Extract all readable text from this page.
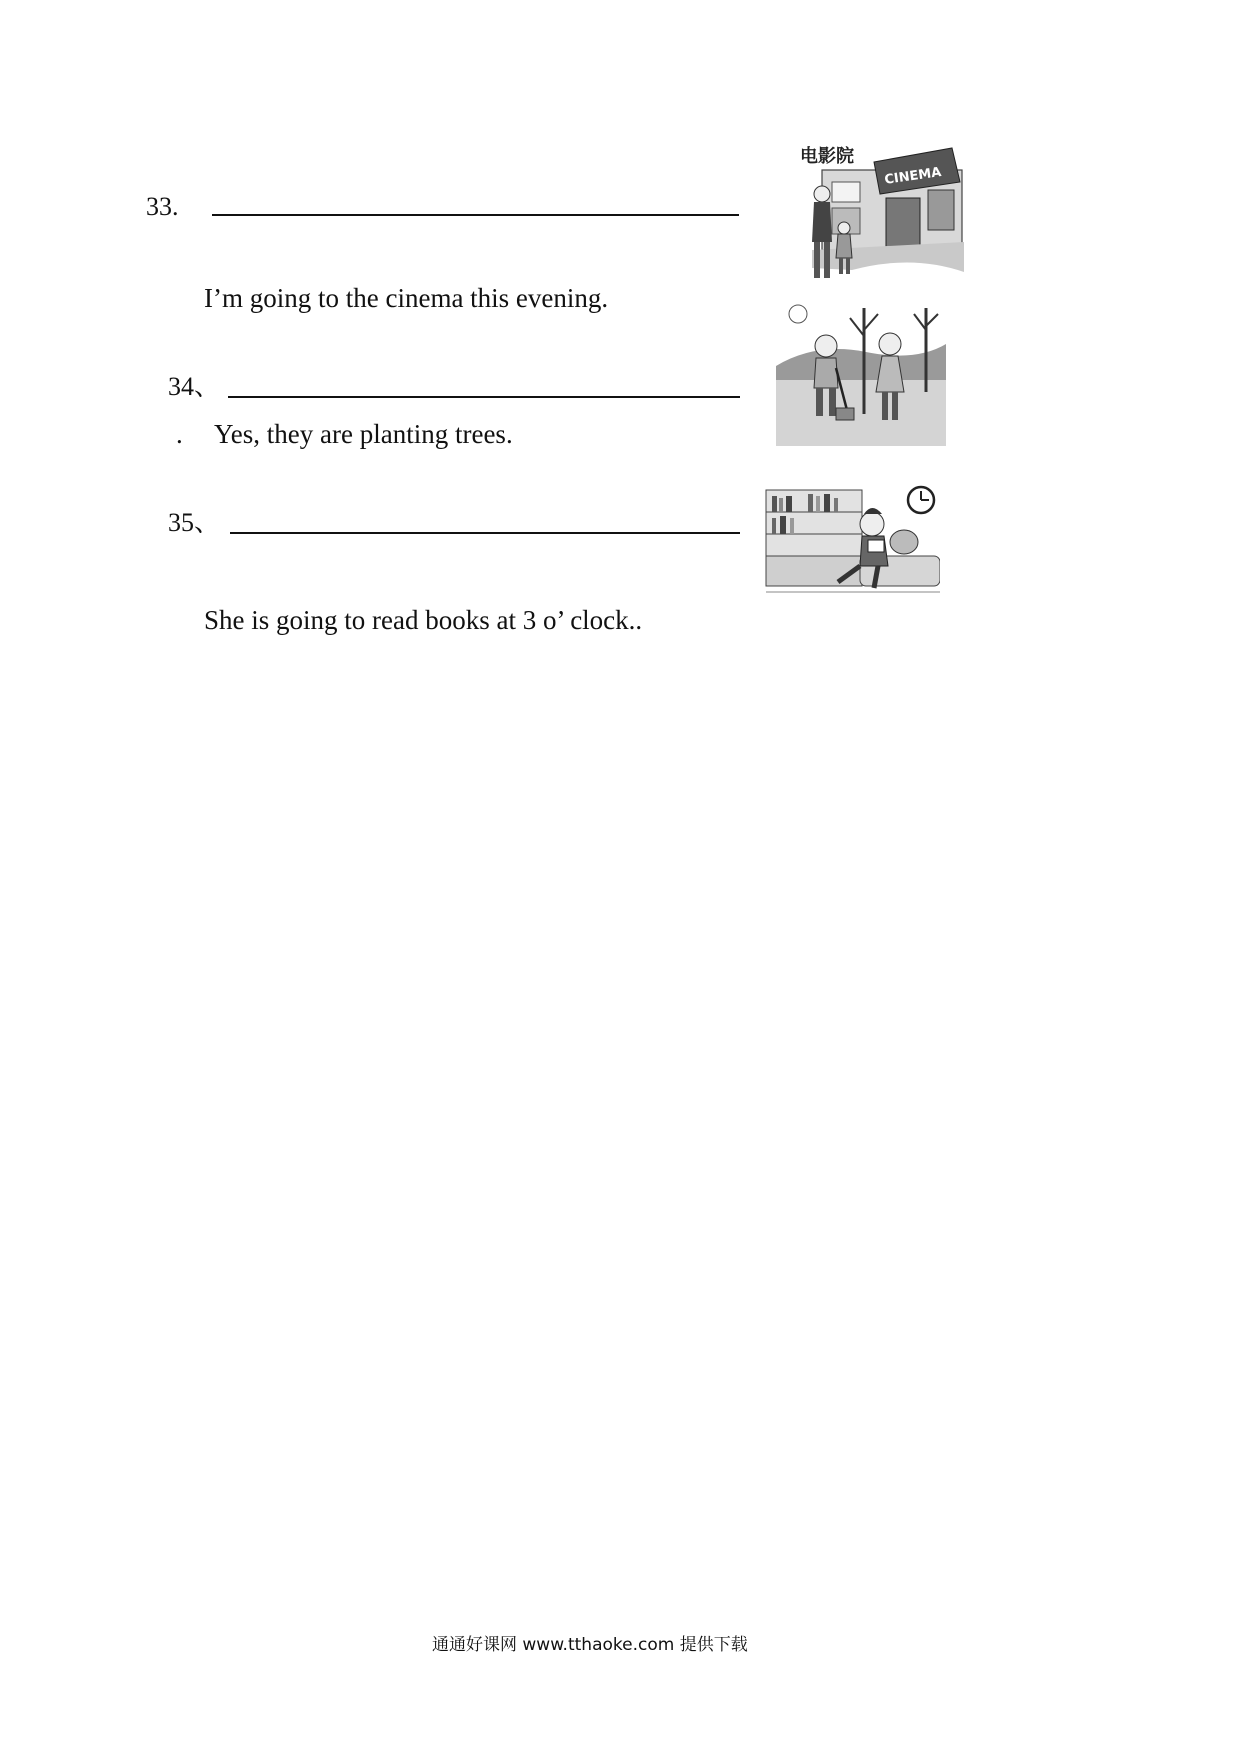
33.
I’m going to the cinema this evening.
电影院
CINEMA
34、
. Yes, they are planting trees.
35、
She is going to read books at 3 o’ clock..
通通好课网 www.tthaoke.com 提供下载
